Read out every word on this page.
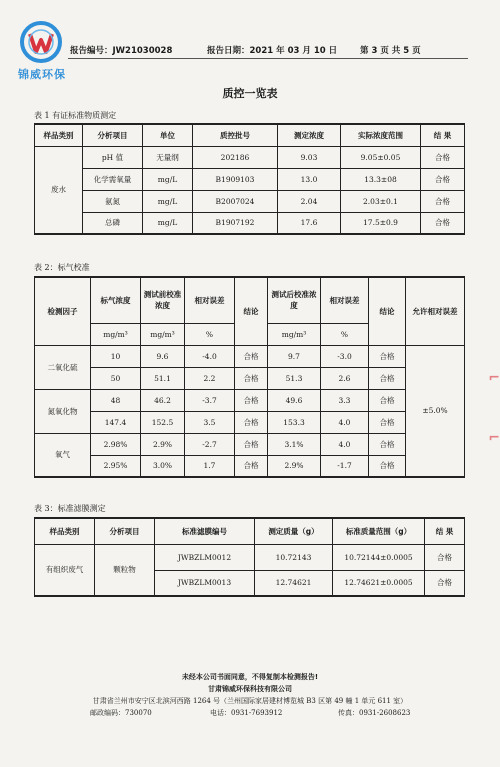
锦威环保
报告编号：JW21030028	报告日期：2021 年 03 月 10 日	第 3 页 共 5 页
质控一览表
表 1 有证标准物质测定
样品类别	分析项目	单位	质控批号	测定浓度	实际浓度范围	结 果
废水	pH 值	无量纲	202186	9.03	9.05±0.05	合格
	化学需氧量	mg/L	B1909103	13.0	13.3±08	合格
	氨氮	mg/L	B2007024	2.04	2.03±0.1	合格
	总磷	mg/L	B1907192	17.6	17.5±0.9	合格
表 2：标气校准
检测因子	标气浓度	测试前校准浓度	相对误差	结论	测试后校准浓度	相对误差	结论	允许相对误差
	mg/m³	mg/m³	%		mg/m³	%		
二氧化硫	10	9.6	-4.0	合格	9.7	-3.0	合格	±5.0%
	50	51.1	2.2	合格	51.3	2.6	合格	
氮氧化物	48	46.2	-3.7	合格	49.6	3.3	合格	
	147.4	152.5	3.5	合格	153.3	4.0	合格	
氧气	2.98%	2.9%	-2.7	合格	3.1%	4.0	合格	
	2.95%	3.0%	1.7	合格	2.9%	-1.7	合格	
表 3：标准滤膜测定
样品类别	分析项目	标准滤膜编号	测定质量（g）	标准质量范围（g）	结 果
有组织废气	颗粒物	JWBZLM0012	10.72143	10.72144±0.0005	合格
		JWBZLM0013	12.74621	12.74621±0.0005	合格
未经本公司书面同意，不得复制本检测报告!
甘肃锦威环保科技有限公司
甘肃省兰州市安宁区北滨河西路 1264 号（兰州国际家居建材博览城 B3 区第 49 幢 1 单元 611 室）
邮政编码：730070	电话：0931-7693912	传真：0931-2608623
⌐
⌐
